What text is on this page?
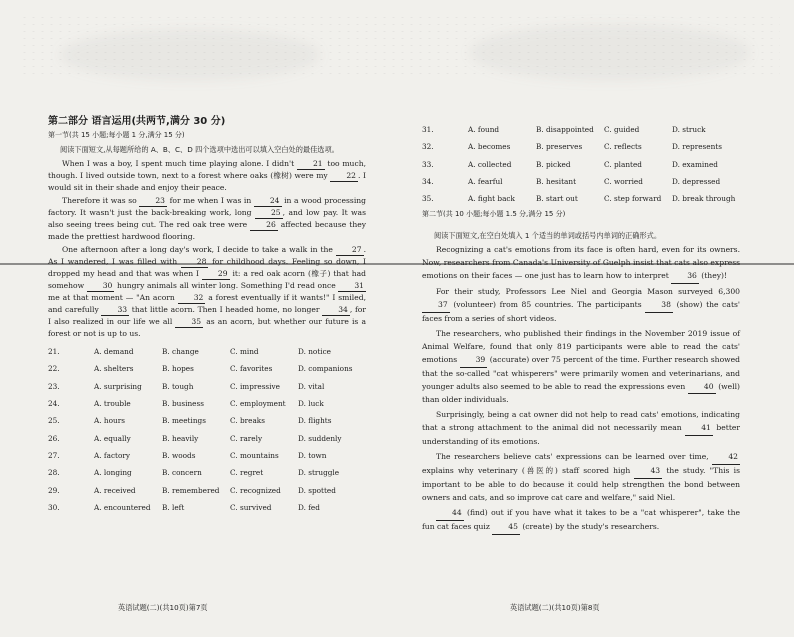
第二部分 语言运用(共两节,满分 30 分)
第一节(共 15 小题;每小题 1 分,满分 15 分)
阅读下面短文,从每题所给的 A、B、C、D 四个选项中选出可以填入空白处的最佳选项。

When I was a boy, I spent much time playing alone. I didn't 21 too much, though. I lived outside town, next to a forest where oaks (橡树) were my 22 . I would sit in their shade and enjoy their peace.

Therefore it was so 23 for me when I was in 24 in a wood processing factory. It wasn't just the back-breaking work, long 25 , and low pay. It was also seeing trees being cut. The red oak tree were 26 affected because they made the prettiest hardwood flooring.

One afternoon after a long day's work, I decide to take a walk in the 27 . As I wandered, I was filled with 28 for childhood days. Feeling so down, I dropped my head and that was when I 29 it: a red oak acorn (橡子) that had somehow 30 hungry animals all winter long. Something I'd read once 31 me at that moment — "An acorn 32 a forest eventually if it wants!" I smiled, and carefully 33 that little acorn. Then I headed home, no longer 34 , for I also realized in our life we all 35 as an acorn, but whether our future is a forest or not is up to us.

21.	A. demand	B. change	C. mind	D. notice
22.	A. shelters	B. hopes	C. favorites	D. companions
23.	A. surprising	B. tough	C. impressive	D. vital
24.	A. trouble	B. business	C. employment	D. luck
25.	A. hours	B. meetings	C. breaks	D. flights
26.	A. equally	B. heavily	C. rarely	D. suddenly
27.	A. factory	B. woods	C. mountains	D. town
28.	A. longing	B. concern	C. regret	D. struggle
29.	A. received	B. remembered	C. recognized	D. spotted
30.	A. encountered	B. left	C. survived	D. fed
31.	A. found	B. disappointed	C. guided	D. struck
32.	A. becomes	B. preserves	C. reflects	D. represents
33.	A. collected	B. picked	C. planted	D. examined
34.	A. fearful	B. hesitant	C. worried	D. depressed
35.	A. fight back	B. start out	C. step forward	D. break through
第二节(共 10 小题;每小题 1.5 分,满分 15 分)
阅读下面短文,在空白处填入 1 个适当的单词或括号内单词的正确形式。

Recognizing a cat's emotions from its face is often hard, even for its owners. Now, researchers from Canada's University of Guelph insist that cats also express emotions on their faces — one just has to learn how to interpret 36 (they)!

For their study, Professors Lee Niel and Georgia Mason surveyed 6,300 37 (volunteer) from 85 countries. The participants 38 (show) the cats' faces from a series of short videos.

The researchers, who published their findings in the November 2019 issue of Animal Welfare, found that only 819 participants were able to read the cats' emotions 39 (accurate) over 75 percent of the time. Further research showed that the so-called "cat whisperers" were primarily women and veterinarians, and younger adults also seemed to be able to read the expressions even 40 (well) than older individuals.

Surprisingly, being a cat owner did not help to read cats' emotions, indicating that a strong attachment to the animal did not necessarily mean 41 better understanding of its emotions.

The researchers believe cats' expressions can be learned over time, 42 explains why veterinary (兽医的) staff scored high 43 the study. "This is important to be able to do because it could help strengthen the bond between owners and cats, and so improve cat care and welfare," said Niel.

44 (find) out if you have what it takes to be a "cat whisperer", take the fun cat faces quiz 45 (create) by the study's researchers.

英语试题(二)(共10页)第7页	英语试题(二)(共10页)第8页
